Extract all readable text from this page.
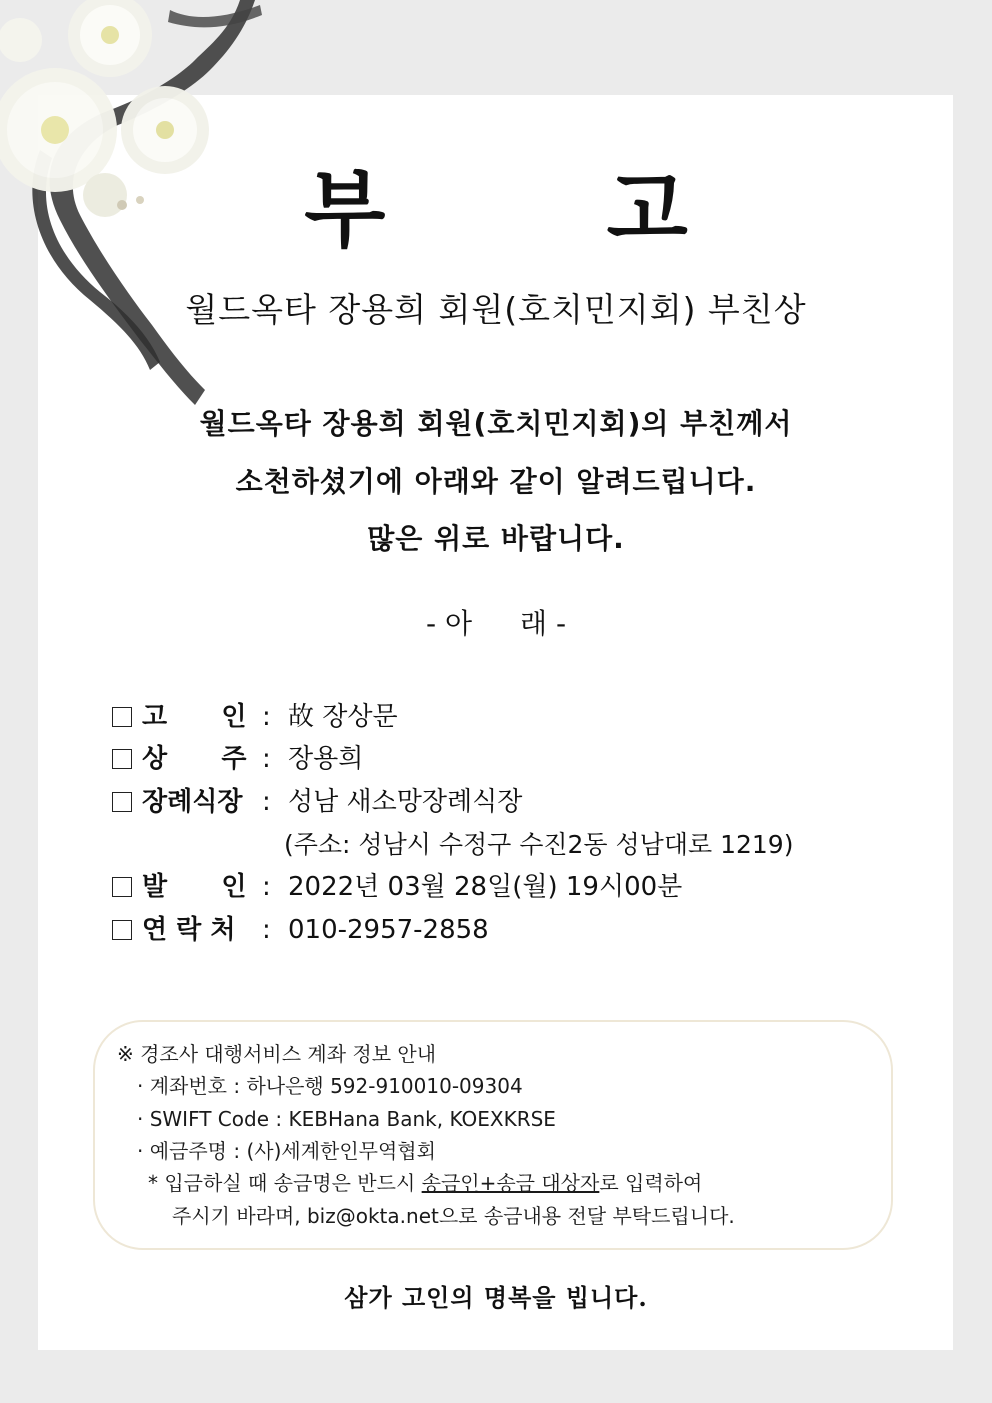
부 고
월드옥타 장용희 회원(호치민지회) 부친상
월드옥타 장용희 회원(호치민지회)의 부친께서
소천하셨기에 아래와 같이 알려드립니다.
많은 위로 바랍니다.
- 아 래 -
고      인 : 故 장상문
상      주 : 장용희
장례식장 : 성남 새소망장례식장
(주소: 성남시 수정구 수진2동 성남대로 1219)
발      인 : 2022년 03월 28일(월) 19시00분
연 락 처	: 010-2957-2858
※ 경조사 대행서비스 계좌 정보 안내
· 계좌번호 : 하나은행 592-910010-09304
· SWIFT Code : KEBHana Bank, KOEXKRSE
· 예금주명 : (사)세계한인무역협회
* 입금하실 때 송금명은 반드시 송금인+송금 대상자로 입력하여
주시기 바라며, biz@okta.net으로 송금내용 전달 부탁드립니다.
삼가 고인의 명복을 빕니다.
